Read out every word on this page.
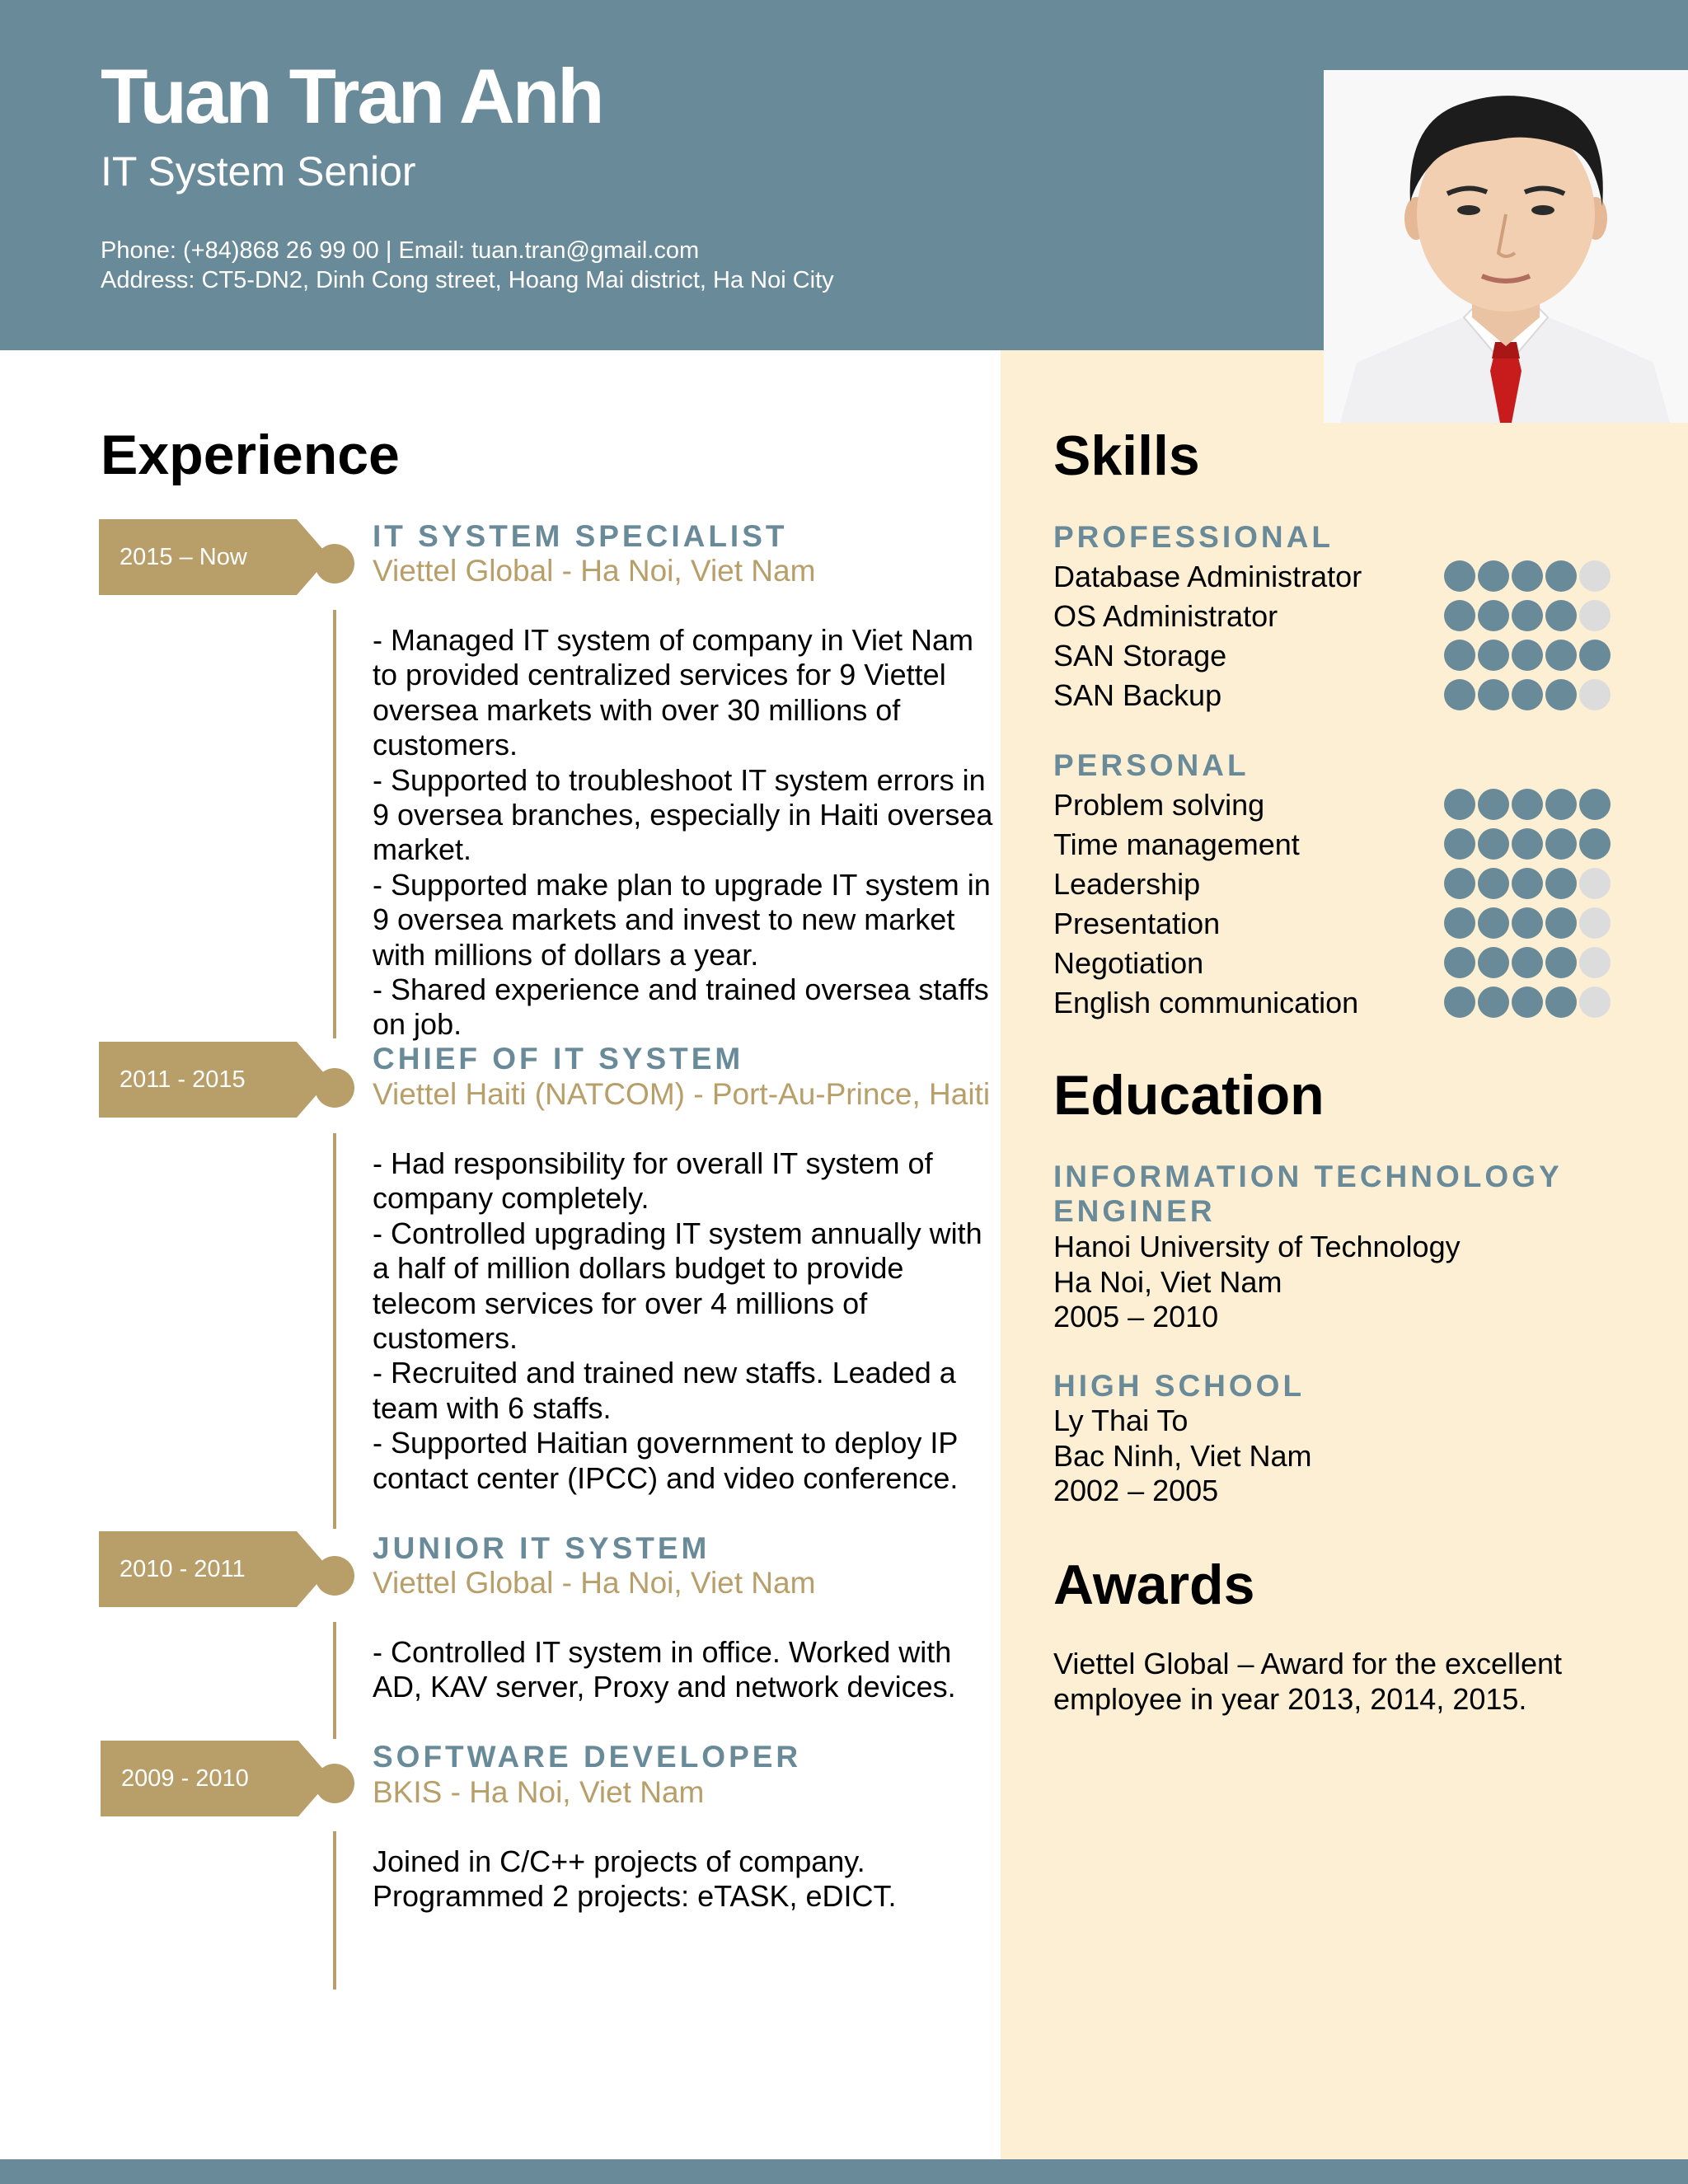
Tuan Tran Anh
IT System Senior
Phone: (+84)868 26 99 00 | Email: tuan.tran@gmail.com
Address: CT5-DN2, Dinh Cong street, Hoang Mai district, Ha Noi City
Experience
2015 – Now
IT SYSTEM SPECIALIST
Viettel Global - Ha Noi, Viet Nam
- Managed IT system of company in Viet Nam to provided centralized services for 9 Viettel oversea markets with over 30 millions of customers.
- Supported to troubleshoot IT system errors in 9 oversea branches, especially in Haiti oversea market.
- Supported make plan to upgrade IT system in 9 oversea markets and invest to new market with millions of dollars a year.
- Shared experience and trained oversea staffs on job.
2011 - 2015
CHIEF OF IT SYSTEM
Viettel Haiti (NATCOM) - Port-Au-Prince, Haiti
- Had responsibility for overall IT system of company completely.
- Controlled upgrading IT system annually with a half of million dollars budget to provide telecom services for over 4 millions of customers.
- Recruited and trained new staffs. Leaded a team with 6 staffs.
- Supported Haitian government to deploy IP contact center (IPCC) and video conference.
2010 - 2011
JUNIOR IT SYSTEM
Viettel Global - Ha Noi, Viet Nam
- Controlled IT system in office. Worked with AD, KAV server, Proxy and network devices.
2009 - 2010
SOFTWARE DEVELOPER
BKIS - Ha Noi, Viet Nam
Joined in C/C++ projects of company.
Programmed 2 projects: eTASK, eDICT.
Skills
PROFESSIONAL
Database Administrator
OS Administrator
SAN Storage
SAN Backup
PERSONAL
Problem solving
Time management
Leadership
Presentation
Negotiation
English communication
Education
INFORMATION TECHNOLOGY
ENGINER
Hanoi University of Technology
Ha Noi, Viet Nam
2005 – 2010
HIGH SCHOOL
Ly Thai To
Bac Ninh, Viet Nam
2002 – 2005
Awards
Viettel Global – Award for the excellent
employee in year 2013, 2014, 2015.
